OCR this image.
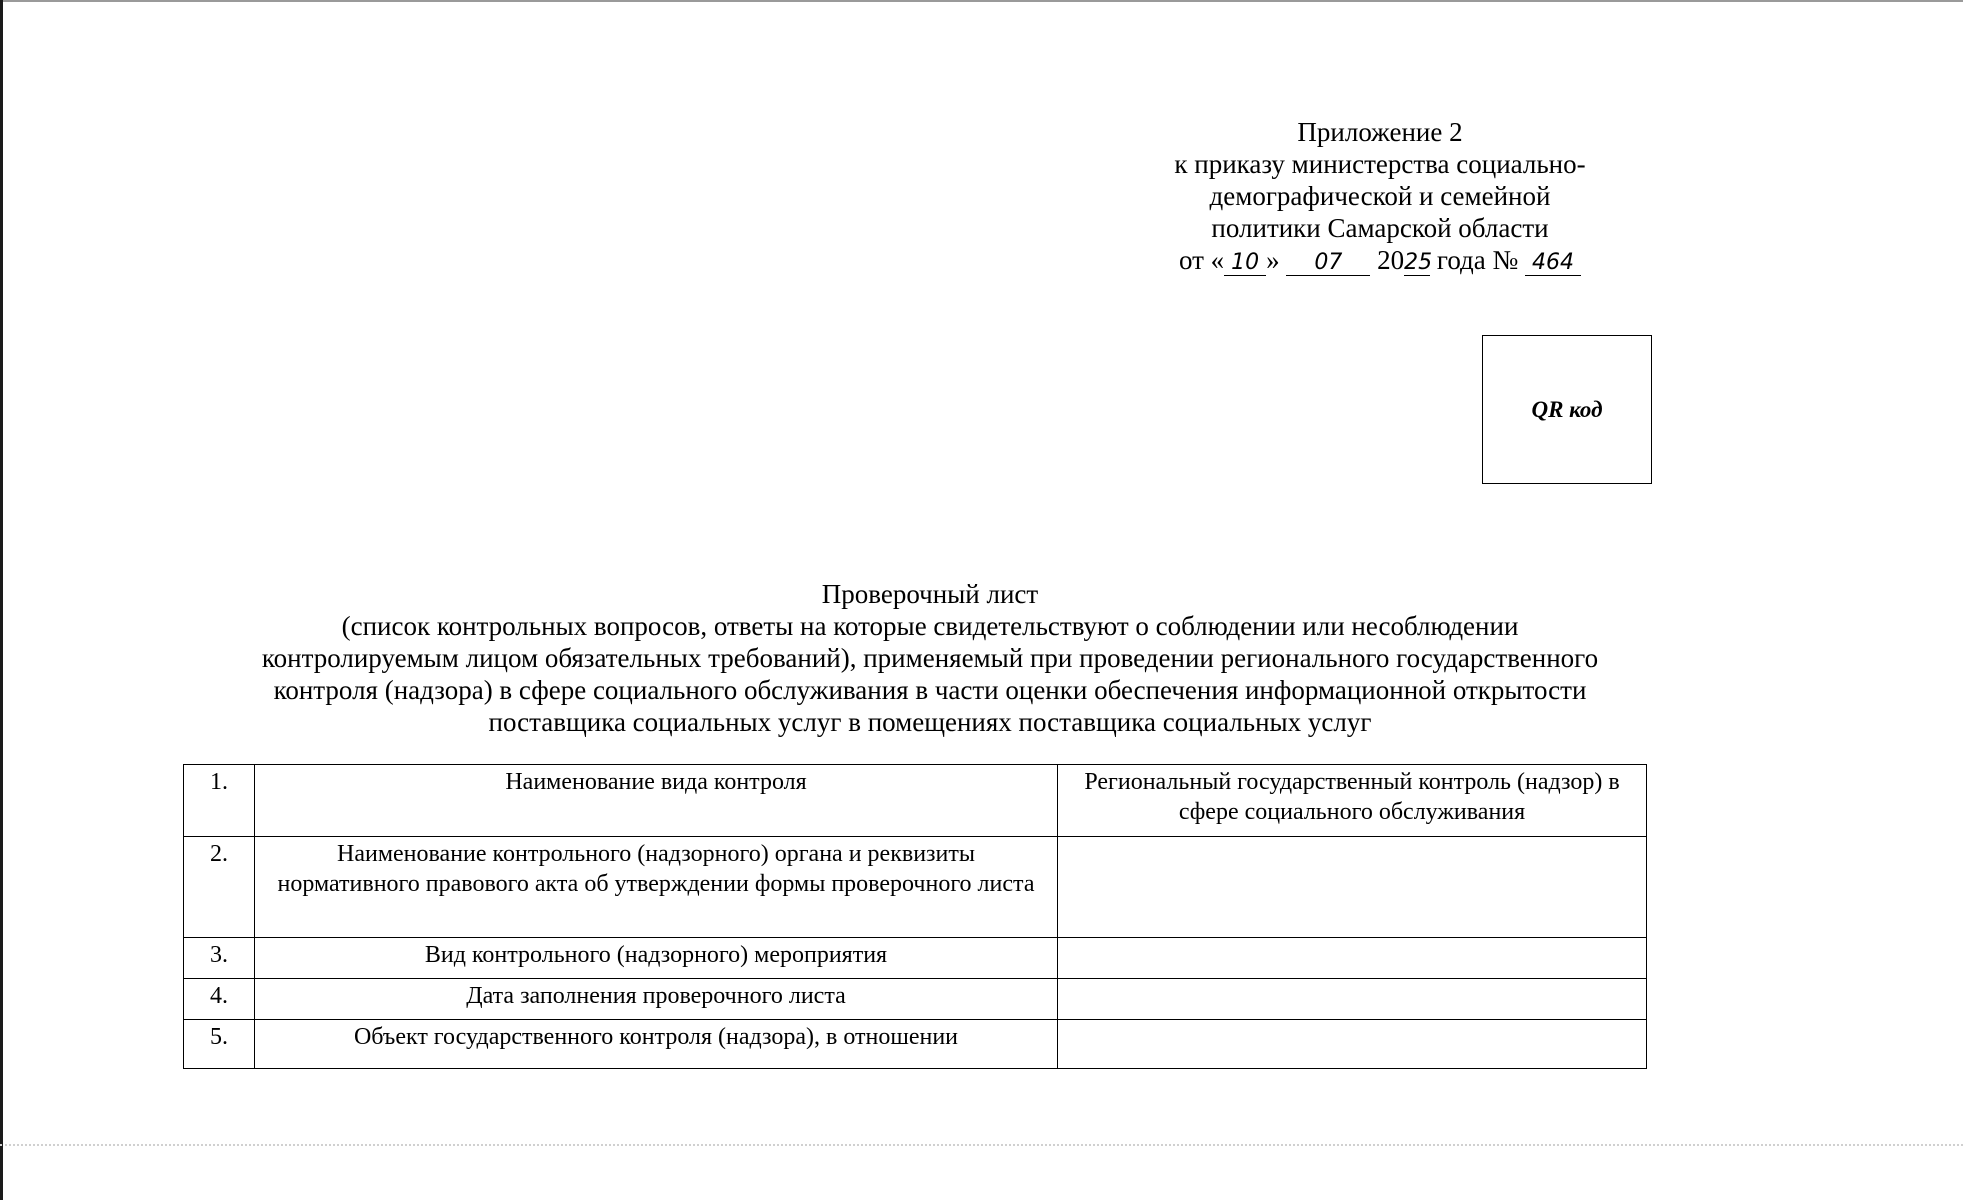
Приложение 2
к приказу министерства социально-
демографической и семейной
политики Самарской области
от « 10 » 07 2025 года № 464
QR код
Проверочный лист
(список контрольных вопросов, ответы на которые свидетельствуют о соблюдении или несоблюдении
контролируемым лицом обязательных требований), применяемый при проведении регионального государственного
контроля (надзора) в сфере социального обслуживания в части оценки обеспечения информационной открытости
поставщика социальных услуг в помещениях поставщика социальных услуг
1.	Наименование вида контроля	Региональный государственный контроль (надзор) в сфере социального обслуживания
2.	Наименование контрольного (надзорного) органа и реквизиты нормативного правового акта об утверждении формы проверочного листа	
3.	Вид контрольного (надзорного) мероприятия	
4.	Дата заполнения проверочного листа	
5.	Объект государственного контроля (надзора), в отношении	
